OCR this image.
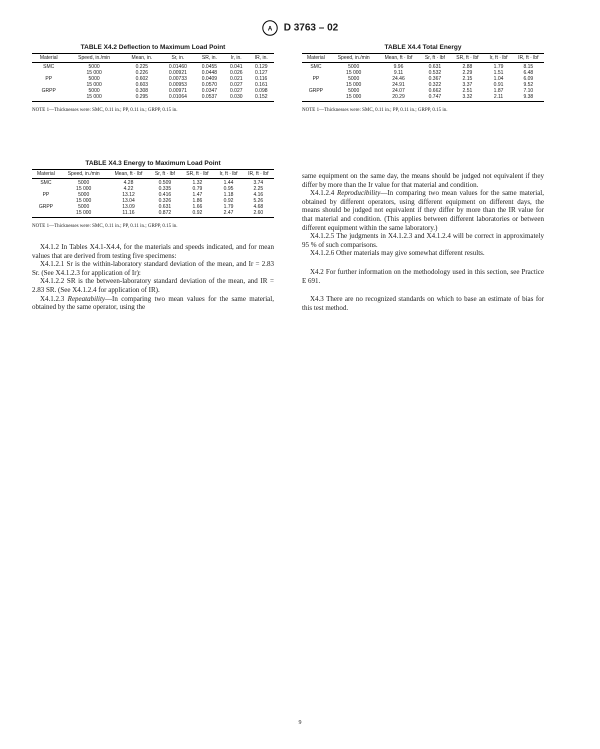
A D 3763 – 02
TABLE X4.2 Deflection to Maximum Load Point
Material	Speed, in./min	Mean, in.	Sr, in.	SR, in.	Ir, in.	IR, in.
SMC	5000	0.225	0.01460	0.0455	0.041	0.129
	15 000	0.226	0.00921	0.0448	0.026	0.127
PP	5000	0.602	0.00733	0.0409	0.021	0.116
	15 000	0.603	0.00953	0.0570	0.027	0.161
GRPP	5000	0.308	0.00971	0.0347	0.027	0.098
	15 000	0.295	0.01064	0.0537	0.030	0.152
NOTE 1—Thicknesses were: SMC, 0.11 in.; PP, 0.11 in.; GRPP, 0.15 in.
TABLE X4.4 Total Energy
Material	Speed, in./min	Mean, ft · lbf	Sr, ft · lbf	SR, ft · lbf	Ir, ft · lbf	IR, ft · lbf
SMC	5000	9.96	0.631	2.88	1.79	8.15
	15 000	9.11	0.532	2.29	1.51	6.48
PP	5000	24.46	0.367	2.15	1.04	6.09
	15 000	24.91	0.322	3.37	0.91	9.52
GRPP	5000	24.07	0.662	2.51	1.87	7.10
	15 000	20.29	0.747	3.32	2.11	9.38
NOTE 1—Thicknesses were: SMC, 0.11 in.; PP, 0.11 in.; GRPP, 0.15 in.
TABLE X4.3 Energy to Maximum Load Point
Material	Speed, in./min	Mean, ft · lbf	Sr, ft · lbf	SR, ft · lbf	Ir, ft · lbf	IR, ft · lbf
SMC	5000	4.28	0.509	1.32	1.44	3.74
	15 000	4.22	0.335	0.79	0.95	2.25
PP	5000	13.12	0.416	1.47	1.18	4.16
	15 000	13.04	0.326	1.86	0.92	5.26
GRPP	5000	13.09	0.631	1.66	1.79	4.68
	15 000	11.16	0.872	0.92	2.47	2.60
NOTE 1—Thicknesses were: SMC, 0.11 in.; PP, 0.11 in.; GRPP, 0.15 in.

X4.1.2 In Tables X4.1-X4.4, for the materials and speeds indicated, and for mean values that are derived from testing five specimens:

X4.1.2.1 Sr is the within-laboratory standard deviation of the mean, and Ir = 2.83 Sr. (See X4.1.2.3 for application of Ir):

X4.1.2.2 SR is the between-laboratory standard deviation of the mean, and IR = 2.83 SR. (See X4.1.2.4 for application of IR).

X4.1.2.3 Repeatability—In comparing two mean values for the same material, obtained by the same operator, using the

same equipment on the same day, the means should be judged not equivalent if they differ by more than the Ir value for that material and condition.

X4.1.2.4 Reproducibility—In comparing two mean values for the same material, obtained by different operators, using different equipment on different days, the means should be judged not equivalent if they differ by more than the IR value for that material and condition. (This applies between different laboratories or between different equipment within the same laboratory.)

X4.1.2.5 The judgments in X4.1.2.3 and X4.1.2.4 will be correct in approximately 95 % of such comparisons.

X4.1.2.6 Other materials may give somewhat different results.

X4.2 For further information on the methodology used in this section, see Practice E 691.

X4.3 There are no recognized standards on which to base an estimate of bias for this test method.

9
